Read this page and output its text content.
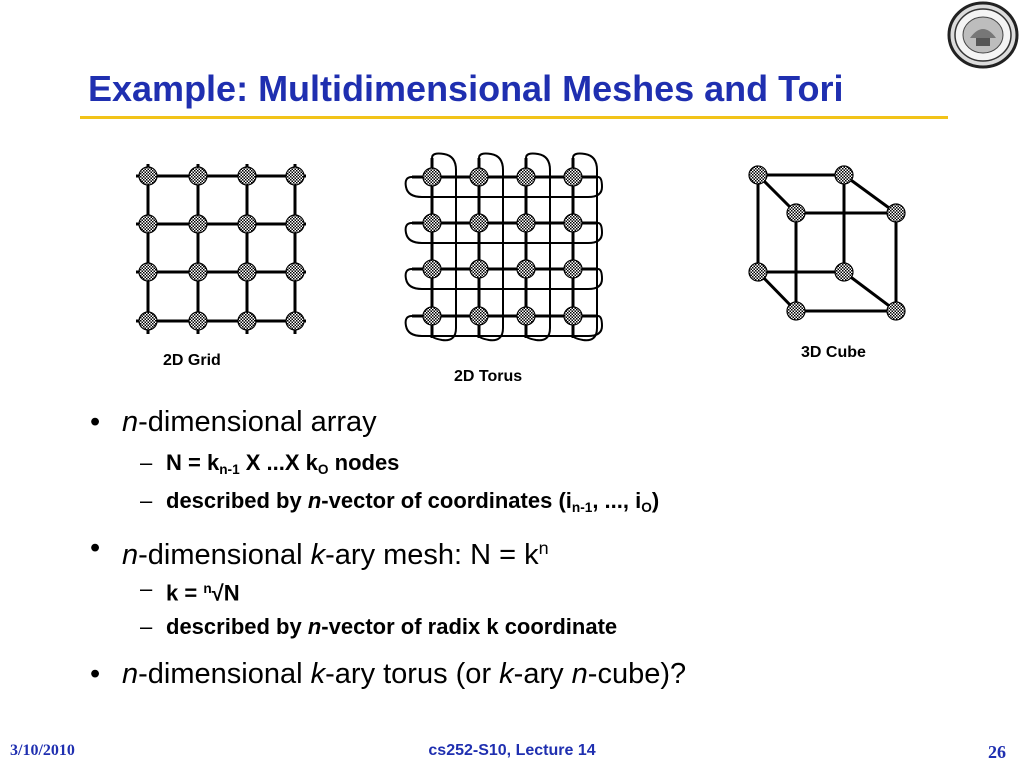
Example: Multidimensional Meshes and Tori
2D Grid
2D Torus
3D Cube
• n-dimensional array
– $N = k_{n-1}$ X ...X $k_O$ nodes
– described by n-vector of coordinates ($i_{n-1}$, ..., $i_O$)
• n-dimensional k-ary mesh: $N = k^n$
– k = $^n$√N
– described by n-vector of radix k coordinate
• n-dimensional k-ary torus (or k-ary n-cube)?
3/10/2010	cs252-S10, Lecture 14	26
